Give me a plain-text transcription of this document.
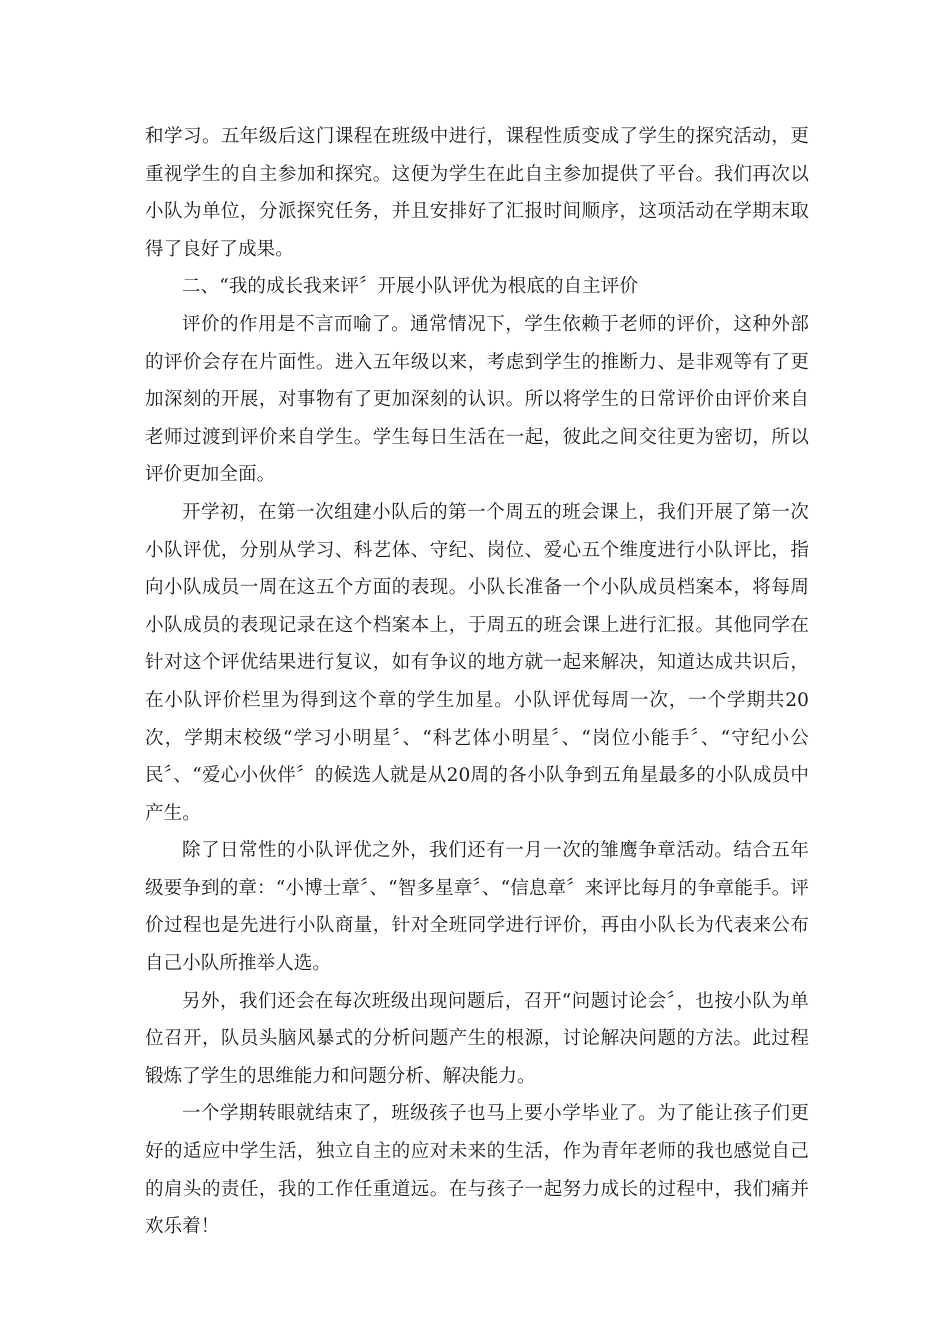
和学习。五年级后这门课程在班级中进行，课程性质变成了学生的探究活动，更重视学生的自主参加和探究。这便为学生在此自主参加提供了平台。我们再次以小队为单位，分派探究任务，并且安排好了汇报时间顺序，这项活动在学期末取得了良好了成果。

二、“我的成长我来评〞开展小队评优为根底的自主评价

评价的作用是不言而喻了。通常情况下，学生依赖于老师的评价，这种外部的评价会存在片面性。进入五年级以来，考虑到学生的推断力、是非观等有了更加深刻的开展，对事物有了更加深刻的认识。所以将学生的日常评价由评价来自老师过渡到评价来自学生。学生每日生活在一起，彼此之间交往更为密切，所以评价更加全面。

开学初，在第一次组建小队后的第一个周五的班会课上，我们开展了第一次小队评优，分别从学习、科艺体、守纪、岗位、爱心五个维度进行小队评比，指向小队成员一周在这五个方面的表现。小队长准备一个小队成员档案本，将每周小队成员的表现记录在这个档案本上，于周五的班会课上进行汇报。其他同学在针对这个评优结果进行复议，如有争议的地方就一起来解决，知道达成共识后，在小队评价栏里为得到这个章的学生加星。小队评优每周一次，一个学期共20次，学期末校级“学习小明星〞、“科艺体小明星〞、“岗位小能手〞、“守纪小公民〞、“爱心小伙伴〞的候选人就是从20周的各小队争到五角星最多的小队成员中产生。

除了日常性的小队评优之外，我们还有一月一次的雏鹰争章活动。结合五年级要争到的章：“小博士章〞、“智多星章〞、“信息章〞来评比每月的争章能手。评价过程也是先进行小队商量，针对全班同学进行评价，再由小队长为代表来公布自己小队所推举人选。

另外，我们还会在每次班级出现问题后，召开“问题讨论会〞，也按小队为单位召开，队员头脑风暴式的分析问题产生的根源，讨论解决问题的方法。此过程锻炼了学生的思维能力和问题分析、解决能力。

一个学期转眼就结束了，班级孩子也马上要小学毕业了。为了能让孩子们更好的适应中学生活，独立自主的应对未来的生活，作为青年老师的我也感觉自己的肩头的责任，我的工作任重道远。在与孩子一起努力成长的过程中，我们痛并欢乐着！
